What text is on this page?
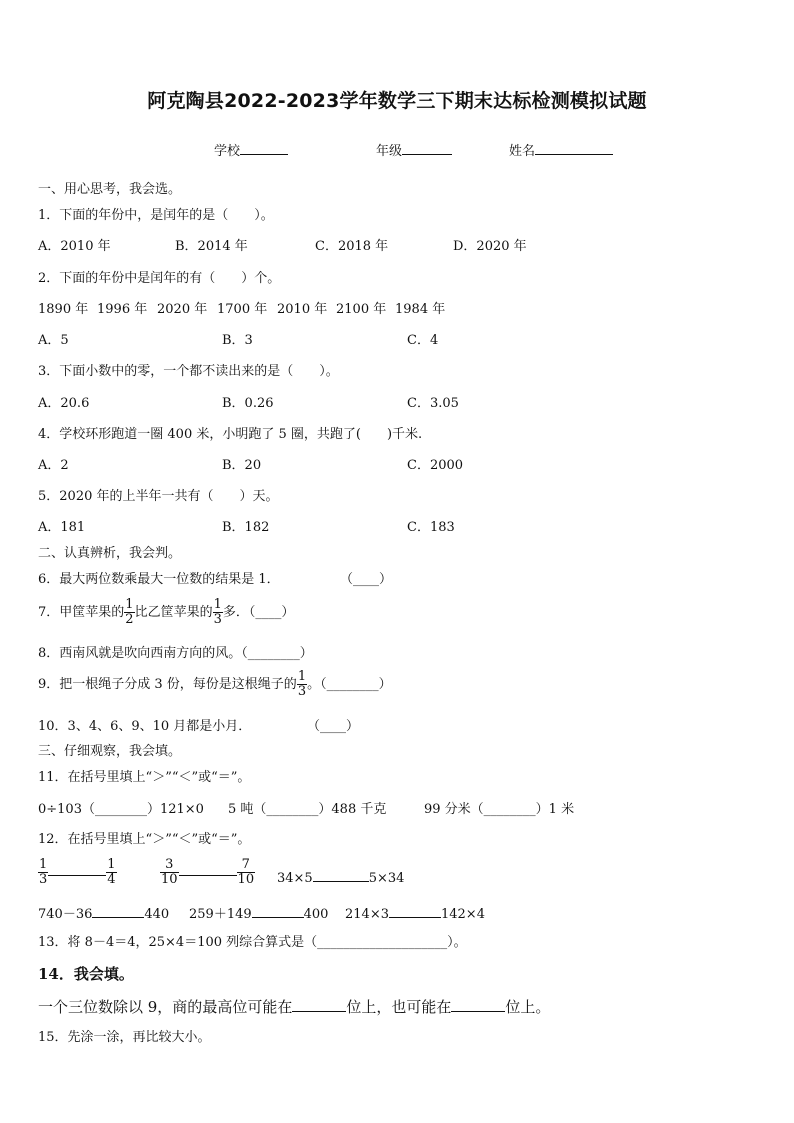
阿克陶县2022-2023学年数学三下期末达标检测模拟试题
学校	年级	姓名
一、用心思考，我会选。
1．下面的年份中，是闰年的是（　　）。
A．2010 年	B．2014 年	C．2018 年	D．2020 年
2．下面的年份中是闰年的有（　　）个。
1890 年 1996 年 2020 年 1700 年 2010 年 2100 年 1984 年
A．5	B．3	C．4
3．下面小数中的零，一个都不读出来的是（　　）。
A．20.6	B．0.26	C．3.05
4．学校环形跑道一圈 400 米，小明跑了 5 圈，共跑了(　　)千米.
A．2	B．20	C．2000
5．2020 年的上半年一共有（　　）天。
A．181	B．182	C．183
二、认真辨析，我会判。
6．最大两位数乘最大一位数的结果是 1．	（____）
7．甲筐苹果的 $\frac{1}{2}$ 比乙筐苹果的 $\frac{1}{3}$ 多．（____）
8．西南风就是吹向西南方向的风。（________）
9．把一根绳子分成 3 份，每份是这根绳子的 $\frac{1}{3}$ 。（________）
10．3、4、6、9、10 月都是小月．	（____）
三、仔细观察，我会填。
11．在括号里填上“＞”“＜”或“＝”。
0÷103（________）121×0 5 吨（________）488 千克	99 分米（________）1 米
12．在括号里填上“＞”“＜”或“＝”。
$\frac{1}{3}$	$\frac{1}{4}$	$\frac{3}{10}$	$\frac{7}{10} 34\times 5$	5×34
740－36	440 259＋149	400 214×3	142×4
13．将 8－4＝4，25×4＝100 列综合算式是（____________________）。
14．我会填。
一个三位数除以 9，商的最高位可能在	位上，也可能在	位上。
15．先涂一涂，再比较大小。
